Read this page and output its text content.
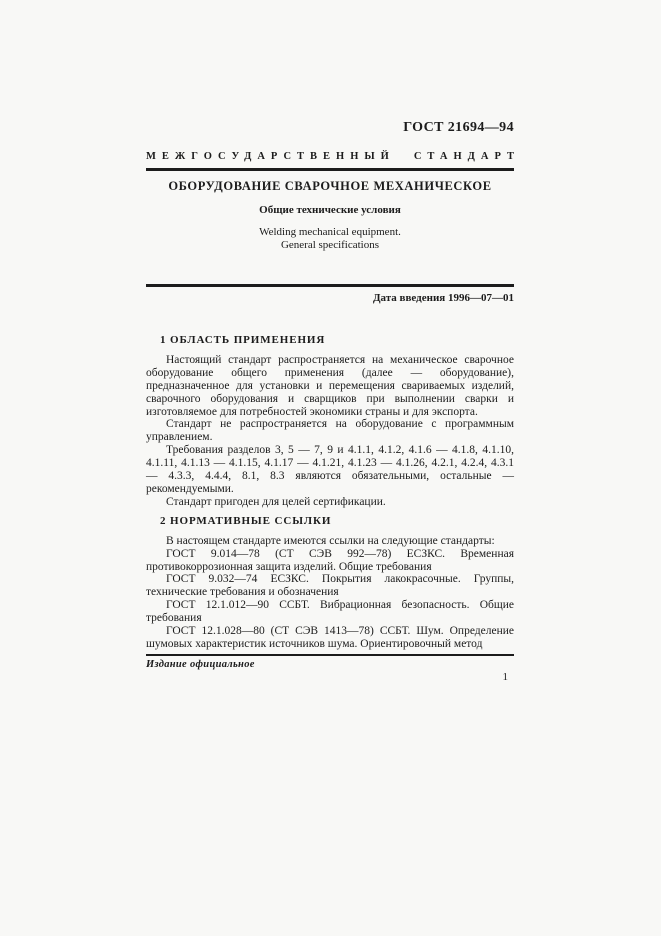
ГОСТ 21694—94
МЕЖГОСУДАРСТВЕННЫЙ СТАНДАРТ
ОБОРУДОВАНИЕ СВАРОЧНОЕ МЕХАНИЧЕСКОЕ
Общие технические условия
Welding mechanical equipment.
General specifications
Дата введения 1996—07—01
1 ОБЛАСТЬ ПРИМЕНЕНИЯ

Настоящий стандарт распространяется на механическое сварочное оборудование общего применения (далее — оборудование), предназначенное для установки и перемещения свариваемых изделий, сварочного оборудования и сварщиков при выполнении сварки и изготовляемое для потребностей экономики страны и для экспорта.

Стандарт не распространяется на оборудование с программным управлением.

Требования разделов 3, 5 — 7, 9 и 4.1.1, 4.1.2, 4.1.6 — 4.1.8, 4.1.10, 4.1.11, 4.1.13 — 4.1.15, 4.1.17 — 4.1.21, 4.1.23 — 4.1.26, 4.2.1, 4.2.4, 4.3.1 — 4.3.3, 4.4.4, 8.1, 8.3 являются обязательными, остальные — рекомендуемыми.

Стандарт пригоден для целей сертификации.

2 НОРМАТИВНЫЕ ССЫЛКИ

В настоящем стандарте имеются ссылки на следующие стандарты:

ГОСТ 9.014—78 (СТ СЭВ 992—78) ЕСЗКС. Временная противокоррозионная защита изделий. Общие требования

ГОСТ 9.032—74 ЕСЗКС. Покрытия лакокрасочные. Группы, технические требования и обозначения

ГОСТ 12.1.012—90 ССБТ. Вибрационная безопасность. Общие требования

ГОСТ 12.1.028—80 (СТ СЭВ 1413—78) ССБТ. Шум. Определение шумовых характеристик источников шума. Ориентировочный метод

Издание официальное
1
